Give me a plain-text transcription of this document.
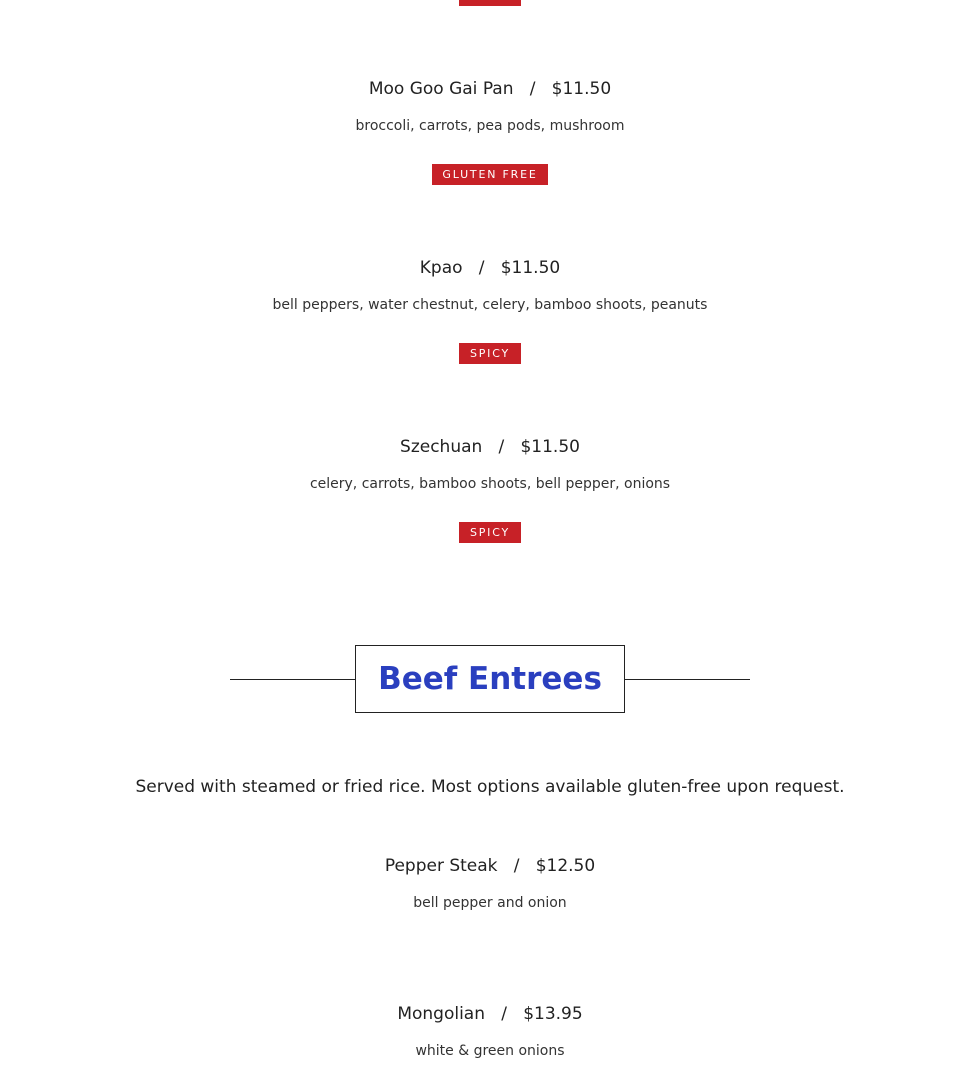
Moo Goo Gai Pan / $11.50
broccoli, carrots, pea pods, mushroom
GLUTEN FREE
Kpao / $11.50
bell peppers, water chestnut, celery, bamboo shoots, peanuts
SPICY
Szechuan / $11.50
celery, carrots, bamboo shoots, bell pepper, onions
SPICY
Beef Entrees
Served with steamed or fried rice. Most options available gluten-free upon request.
Pepper Steak / $12.50
bell pepper and onion
Mongolian / $13.95
white & green onions
